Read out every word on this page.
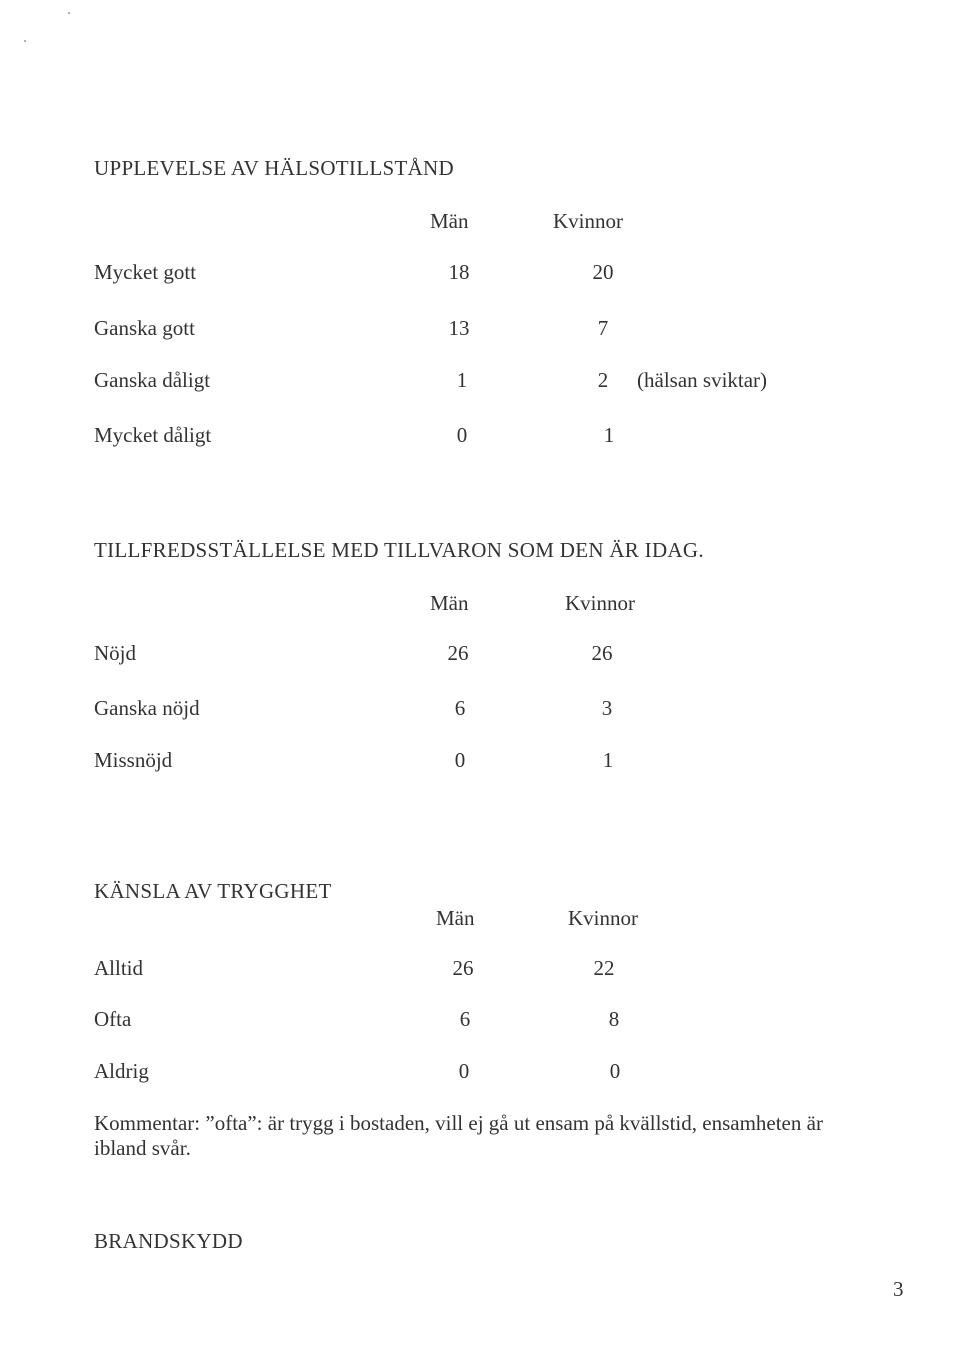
UPPLEVELSE AV HÄLSOTILLSTÅND
Män	Kvinnor
Mycket gott	18	20
Ganska gott	13	7
Ganska dåligt	1	2	(hälsan sviktar)
Mycket dåligt	0	1
TILLFREDSSTÄLLELSE MED TILLVARON SOM DEN ÄR IDAG.
Män	Kvinnor
Nöjd	26	26
Ganska nöjd	6	3
Missnöjd	0	1
KÄNSLA AV TRYGGHET
Män	Kvinnor
Alltid	26	22
Ofta	6	8
Aldrig	0	0
Kommentar: ”ofta”: är trygg i bostaden, vill ej gå ut ensam på kvällstid, ensamheten är ibland svår.
BRANDSKYDD
3
